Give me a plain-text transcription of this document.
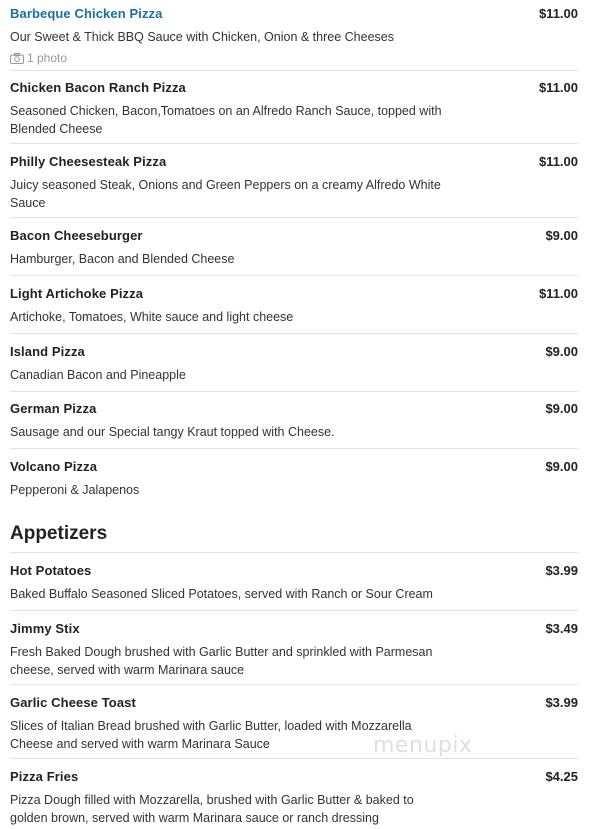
Barbeque Chicken Pizza	$11.00
Our Sweet & Thick BBQ Sauce with Chicken, Onion & three Cheeses
1 photo
Chicken Bacon Ranch Pizza	$11.00
Seasoned Chicken, Bacon,Tomatoes on an Alfredo Ranch Sauce, topped with Blended Cheese
Philly Cheesesteak Pizza	$11.00
Juicy seasoned Steak, Onions and Green Peppers on a creamy Alfredo White Sauce
Bacon Cheeseburger	$9.00
Hamburger, Bacon and Blended Cheese
Light Artichoke Pizza	$11.00
Artichoke, Tomatoes, White sauce and light cheese
Island Pizza	$9.00
Canadian Bacon and Pineapple
German Pizza	$9.00
Sausage and our Special tangy Kraut topped with Cheese.
Volcano Pizza	$9.00
Pepperoni & Jalapenos
Appetizers
Hot Potatoes	$3.99
Baked Buffalo Seasoned Sliced Potatoes, served with Ranch or Sour Cream
Jimmy Stix	$3.49
Fresh Baked Dough brushed with Garlic Butter and sprinkled with Parmesan cheese, served with warm Marinara sauce
Garlic Cheese Toast	$3.99
Slices of Italian Bread brushed with Garlic Butter, loaded with Mozzarella Cheese and served with warm Marinara Sauce
Pizza Fries	$4.25
Pizza Dough filled with Mozzarella, brushed with Garlic Butter & baked to golden brown, served with warm Marinara sauce or ranch dressing
menupix
